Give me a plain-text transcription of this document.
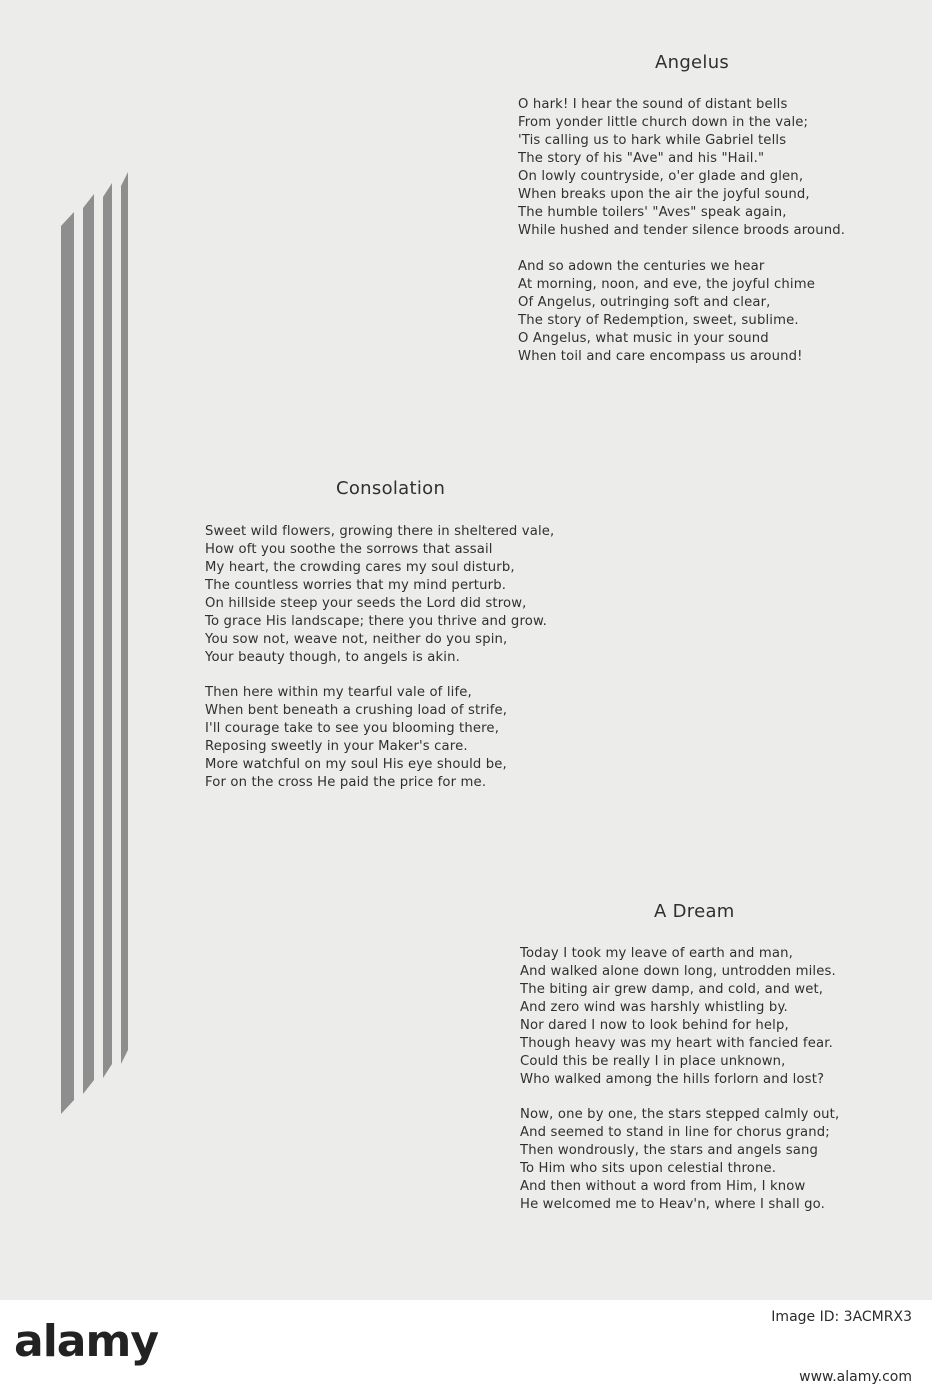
Angelus
O hark! I hear the sound of distant bells
From yonder little church down in the vale;
'Tis calling us to hark while Gabriel tells
The story of his "Ave" and his "Hail."
On lowly countryside, o'er glade and glen,
When breaks upon the air the joyful sound,
The humble toilers' "Aves" speak again,
While hushed and tender silence broods around.
And so adown the centuries we hear
At morning, noon, and eve, the joyful chime
Of Angelus, outringing soft and clear,
The story of Redemption, sweet, sublime.
O Angelus, what music in your sound
When toil and care encompass us around!
Consolation
Sweet wild flowers, growing there in sheltered vale,
How oft you soothe the sorrows that assail
My heart, the crowding cares my soul disturb,
The countless worries that my mind perturb.
On hillside steep your seeds the Lord did strow,
To grace His landscape; there you thrive and grow.
You sow not, weave not, neither do you spin,
Your beauty though, to angels is akin.
Then here within my tearful vale of life,
When bent beneath a crushing load of strife,
I'll courage take to see you blooming there,
Reposing sweetly in your Maker's care.
More watchful on my soul His eye should be,
For on the cross He paid the price for me.
A Dream
Today I took my leave of earth and man,
And walked alone down long, untrodden miles.
The biting air grew damp, and cold, and wet,
And zero wind was harshly whistling by.
Nor dared I now to look behind for help,
Though heavy was my heart with fancied fear.
Could this be really I in place unknown,
Who walked among the hills forlorn and lost?
Now, one by one, the stars stepped calmly out,
And seemed to stand in line for chorus grand;
Then wondrously, the stars and angels sang
To Him who sits upon celestial throne.
And then without a word from Him, I know
He welcomed me to Heav'n, where I shall go.
alamy	Image ID: 3ACMRX3
www.alamy.com
